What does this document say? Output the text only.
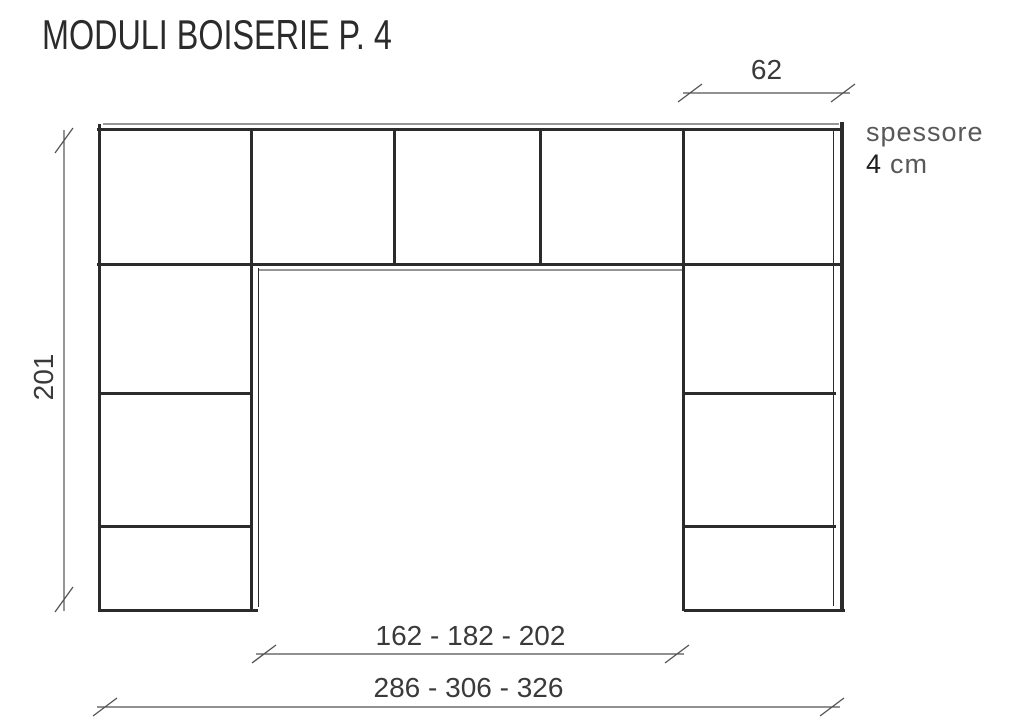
MODULI BOISERIE P. 4
62
201
162 - 182 - 202
286 - 306 - 326
spessore
4 cm
